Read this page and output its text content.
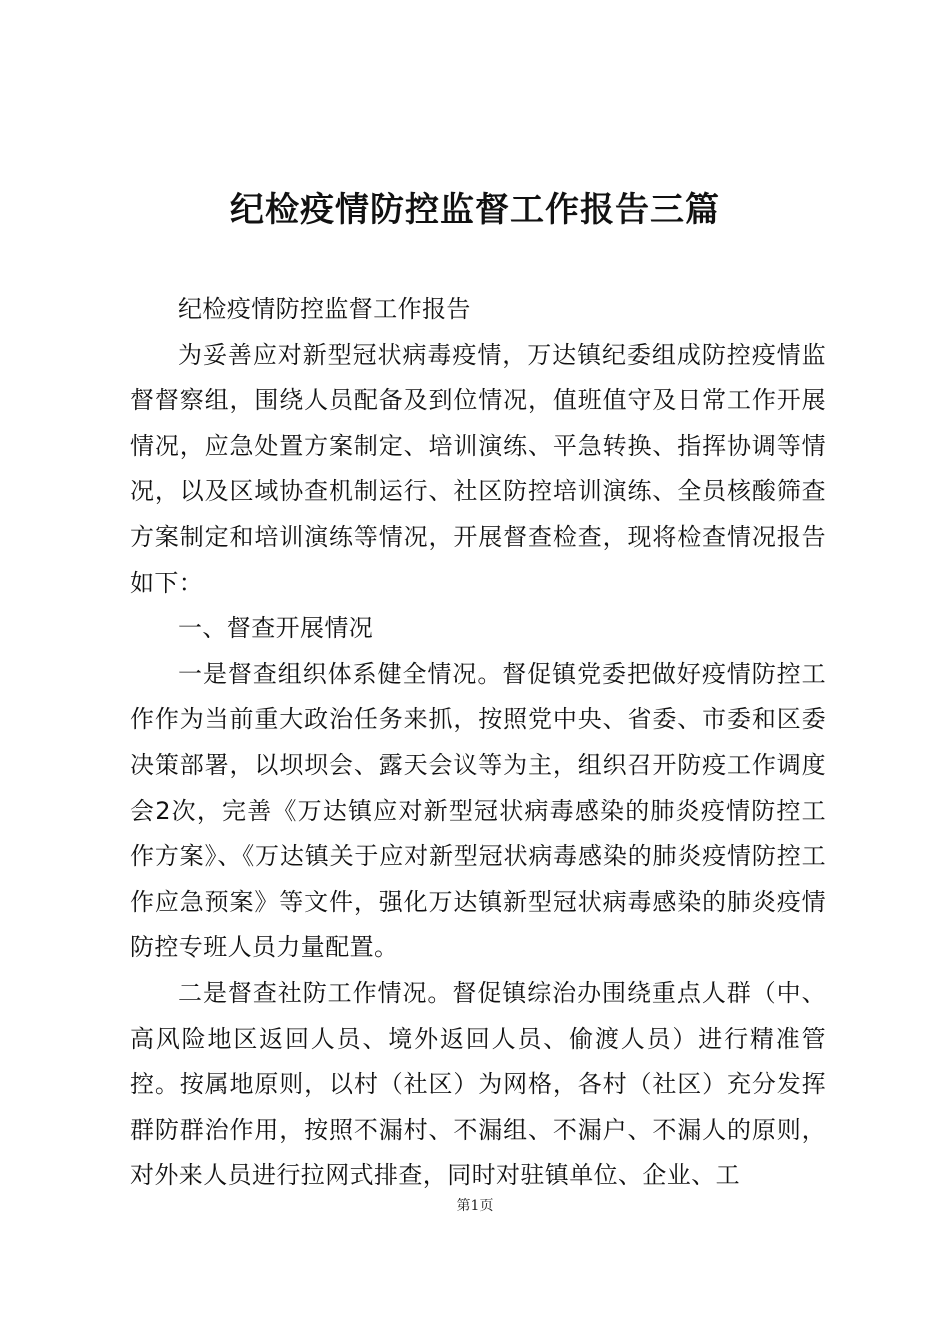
纪检疫情防控监督工作报告三篇

纪检疫情防控监督工作报告

为妥善应对新型冠状病毒疫情，万达镇纪委组成防控疫情监督督察组，围绕人员配备及到位情况，值班值守及日常工作开展情况，应急处置方案制定、培训演练、平急转换、指挥协调等情况，以及区域协查机制运行、社区防控培训演练、全员核酸筛查方案制定和培训演练等情况，开展督查检查，现将检查情况报告如下：

一、督查开展情况

一是督查组织体系健全情况。督促镇党委把做好疫情防控工作作为当前重大政治任务来抓，按照党中央、省委、市委和区委决策部署，以坝坝会、露天会议等为主，组织召开防疫工作调度会2次，完善《万达镇应对新型冠状病毒感染的肺炎疫情防控工作方案》、《万达镇关于应对新型冠状病毒感染的肺炎疫情防控工作应急预案》等文件，强化万达镇新型冠状病毒感染的肺炎疫情防控专班人员力量配置。

二是督查社防工作情况。督促镇综治办围绕重点人群（中、高风险地区返回人员、境外返回人员、偷渡人员）进行精准管控。按属地原则，以村（社区）为网格，各村（社区）充分发挥群防群治作用，按照不漏村、不漏组、不漏户、不漏人的原则，对外来人员进行拉网式排查，同时对驻镇单位、企业、工

第1页
